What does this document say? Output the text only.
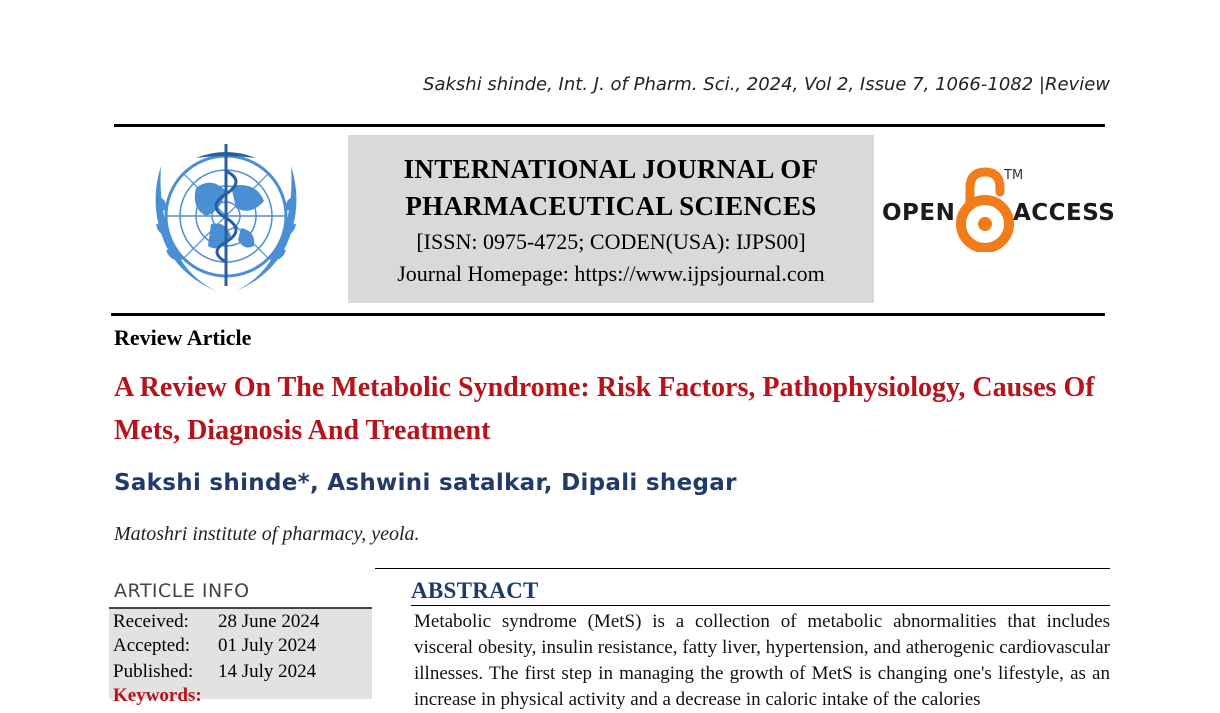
Sakshi shinde, Int. J. of Pharm. Sci., 2024, Vol 2, Issue 7, 1066-1082 |Review
INTERNATIONAL JOURNAL OF
PHARMACEUTICAL SCIENCES
[ISSN: 0975-4725; CODEN(USA): IJPS00]
Journal Homepage: https://www.ijpsjournal.com
OPEN
TM
ACCESS
Review Article
A Review On The Metabolic Syndrome: Risk Factors, Pathophysiology, Causes Of Mets, Diagnosis And Treatment
Sakshi shinde*, Ashwini satalkar, Dipali shegar
Matoshri institute of pharmacy, yeola.
ARTICLE INFO
Received: 28 June 2024
Accepted: 01 July 2024
Published: 14 July 2024
Keywords:
ABSTRACT

Metabolic syndrome (MetS) is a collection of metabolic abnormalities that includes visceral obesity, insulin resistance, fatty liver, hypertension, and atherogenic cardiovascular illnesses. The first step in managing the growth of MetS is changing one's lifestyle, as an increase in physical activity and a decrease in caloric intake of the calories
